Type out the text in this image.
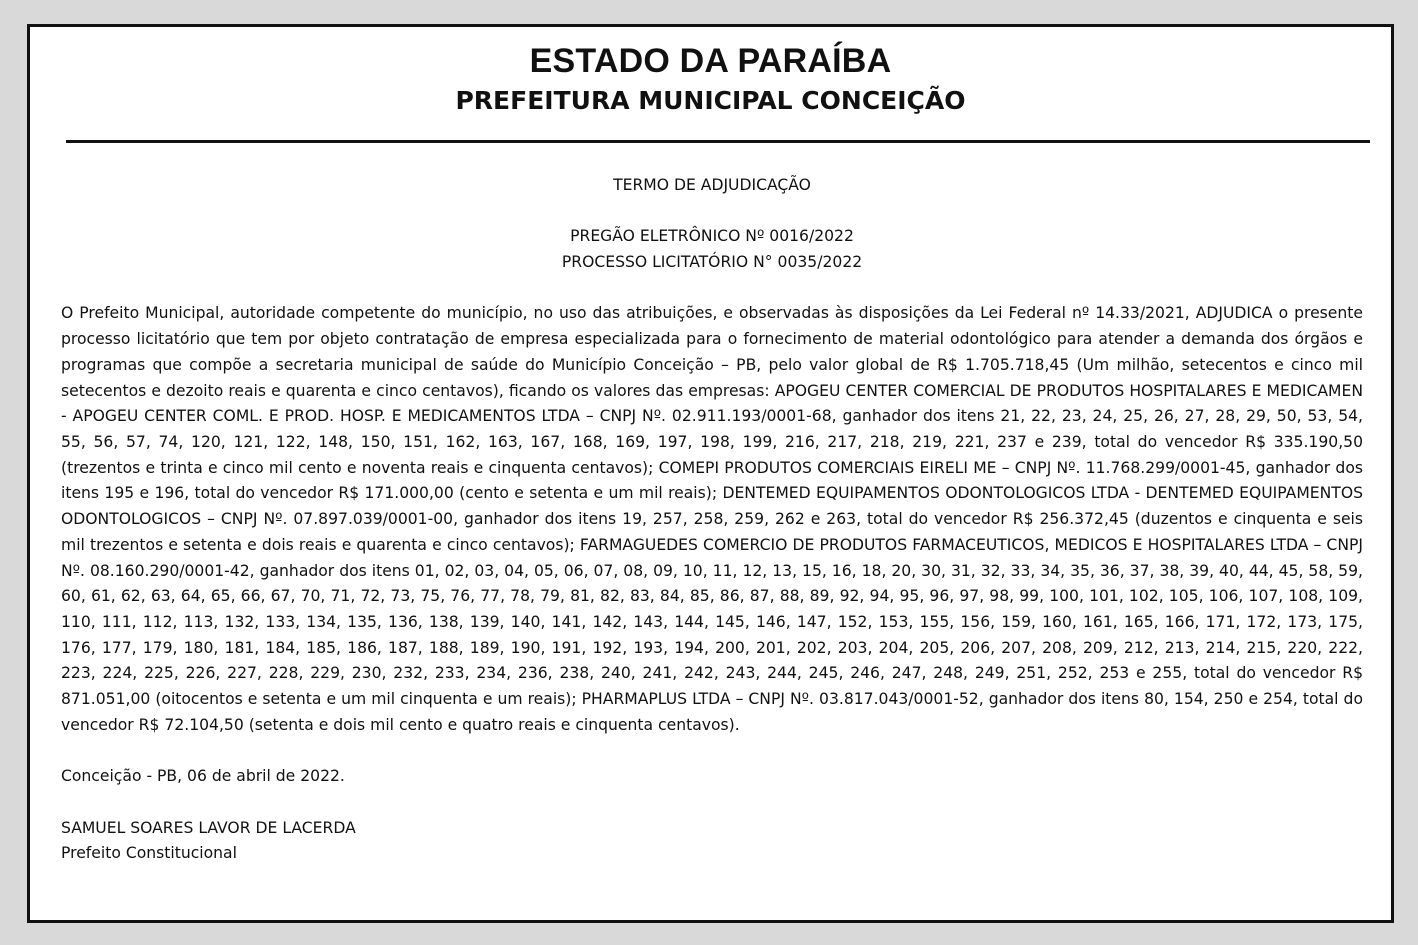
ESTADO DA PARAÍBA
PREFEITURA MUNICIPAL CONCEIÇÃO
TERMO DE ADJUDICAÇÃO
PREGÃO ELETRÔNICO Nº 0016/2022
PROCESSO LICITATÓRIO N° 0035/2022

O Prefeito Municipal, autoridade competente do município, no uso das atribuições, e observadas às disposições da Lei Federal nº 14.33/2021, ADJUDICA o presente processo licitatório que tem por objeto contratação de empresa especializada para o fornecimento de material odontológico para atender a demanda dos órgãos e programas que compõe a secretaria municipal de saúde do Município Conceição – PB, pelo valor global de R$ 1.705.718,45 (Um milhão, setecentos e cinco mil setecentos e dezoito reais e quarenta e cinco centavos), ficando os valores das empresas: APOGEU CENTER COMERCIAL DE PRODUTOS HOSPITALARES E MEDICAMEN - APOGEU CENTER COML. E PROD. HOSP. E MEDICAMENTOS LTDA – CNPJ Nº. 02.911.193/0001-68, ganhador dos itens 21, 22, 23, 24, 25, 26, 27, 28, 29, 50, 53, 54, 55, 56, 57, 74, 120, 121, 122, 148, 150, 151, 162, 163, 167, 168, 169, 197, 198, 199, 216, 217, 218, 219, 221, 237 e 239, total do vencedor R$ 335.190,50 (trezentos e trinta e cinco mil cento e noventa reais e cinquenta centavos); COMEPI PRODUTOS COMERCIAIS EIRELI ME – CNPJ Nº. 11.768.299/0001-45, ganhador dos itens 195 e 196, total do vencedor R$ 171.000,00 (cento e setenta e um mil reais); DENTEMED EQUIPAMENTOS ODONTOLOGICOS LTDA - DENTEMED EQUIPAMENTOS ODONTOLOGICOS – CNPJ Nº. 07.897.039/0001-00, ganhador dos itens 19, 257, 258, 259, 262 e 263, total do vencedor R$ 256.372,45 (duzentos e cinquenta e seis mil trezentos e setenta e dois reais e quarenta e cinco centavos); FARMAGUEDES COMERCIO DE PRODUTOS FARMACEUTICOS, MEDICOS E HOSPITALARES LTDA – CNPJ Nº. 08.160.290/0001-42, ganhador dos itens 01, 02, 03, 04, 05, 06, 07, 08, 09, 10, 11, 12, 13, 15, 16, 18, 20, 30, 31, 32, 33, 34, 35, 36, 37, 38, 39, 40, 44, 45, 58, 59, 60, 61, 62, 63, 64, 65, 66, 67, 70, 71, 72, 73, 75, 76, 77, 78, 79, 81, 82, 83, 84, 85, 86, 87, 88, 89, 92, 94, 95, 96, 97, 98, 99, 100, 101, 102, 105, 106, 107, 108, 109, 110, 111, 112, 113, 132, 133, 134, 135, 136, 138, 139, 140, 141, 142, 143, 144, 145, 146, 147, 152, 153, 155, 156, 159, 160, 161, 165, 166, 171, 172, 173, 175, 176, 177, 179, 180, 181, 184, 185, 186, 187, 188, 189, 190, 191, 192, 193, 194, 200, 201, 202, 203, 204, 205, 206, 207, 208, 209, 212, 213, 214, 215, 220, 222, 223, 224, 225, 226, 227, 228, 229, 230, 232, 233, 234, 236, 238, 240, 241, 242, 243, 244, 245, 246, 247, 248, 249, 251, 252, 253 e 255, total do vencedor R$ 871.051,00 (oitocentos e setenta e um mil cinquenta e um reais); PHARMAPLUS LTDA – CNPJ Nº. 03.817.043/0001-52, ganhador dos itens 80, 154, 250 e 254, total do vencedor R$ 72.104,50 (setenta e dois mil cento e quatro reais e cinquenta centavos).

Conceição - PB, 06 de abril de 2022.
SAMUEL SOARES LAVOR DE LACERDA
Prefeito Constitucional
